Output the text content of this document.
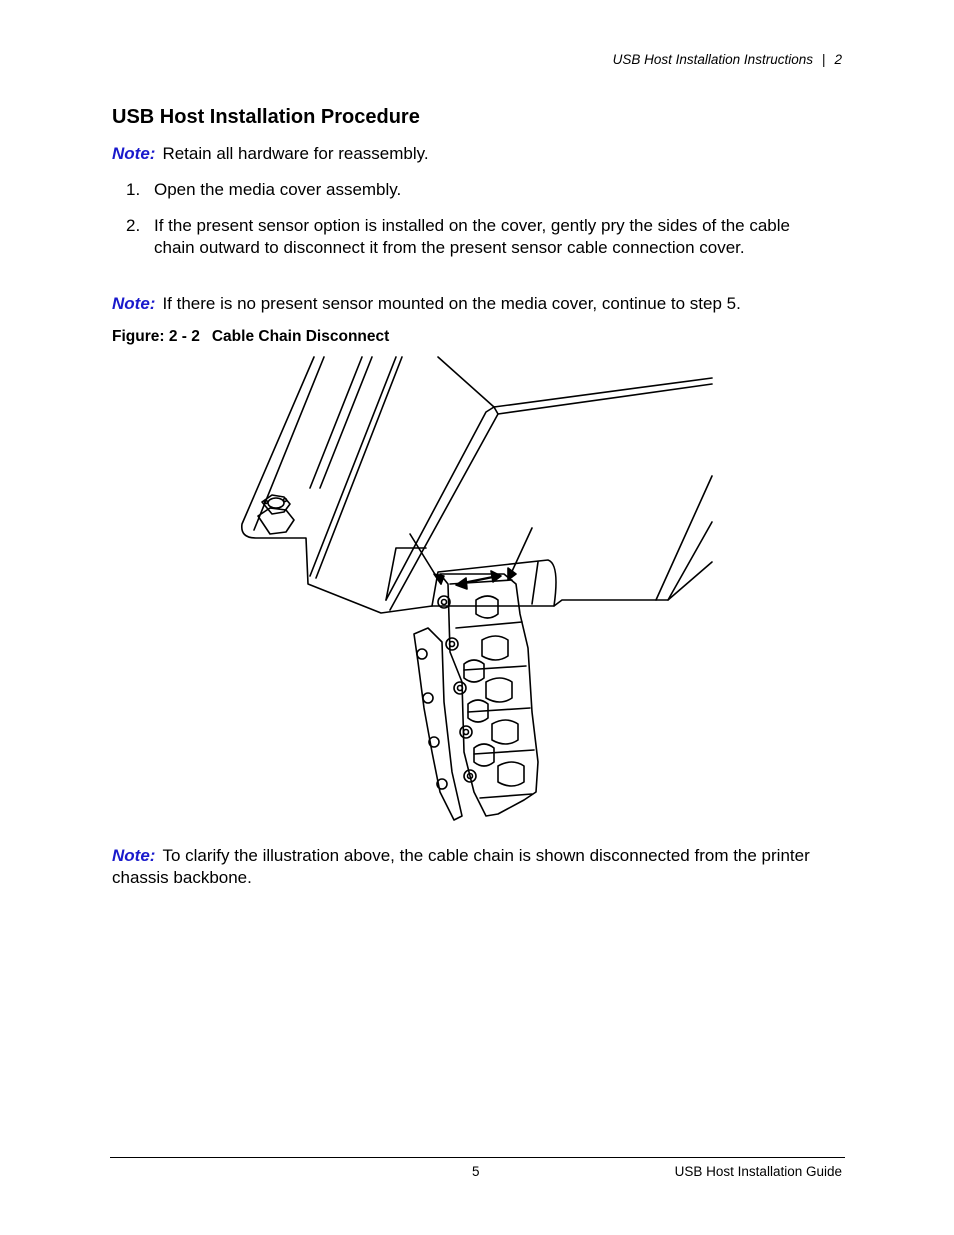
USB Host Installation Instructions | 2
USB Host Installation Procedure

Note: Retain all hardware for reassembly.

1. Open the media cover assembly.
2. If the present sensor option is installed on the cover, gently pry the sides of the cable chain outward to disconnect it from the present sensor cable connection cover.

Note: If there is no present sensor mounted on the media cover, continue to step 5.

Figure: 2 - 2 Cable Chain Disconnect

Note: To clarify the illustration above, the cable chain is shown disconnected from the printer chassis backbone.

5	USB Host Installation Guide
